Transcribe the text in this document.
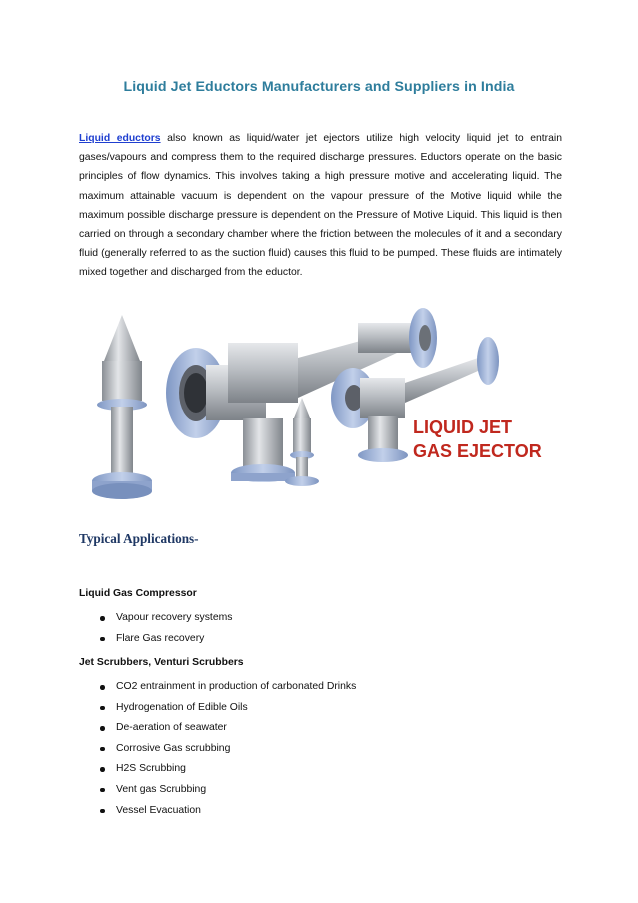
Liquid Jet Eductors Manufacturers and Suppliers in India

Liquid eductors also known as liquid/water jet ejectors utilize high velocity liquid jet to entrain gases/vapours and compress them to the required discharge pressures. Eductors operate on the basic principles of flow dynamics. This involves taking a high pressure motive and accelerating liquid. The maximum attainable vacuum is dependent on the vapour pressure of the Motive liquid while the maximum possible discharge pressure is dependent on the Pressure of Motive Liquid. This liquid is then carried on through a secondary chamber where the friction between the molecules of it and a secondary fluid (generally referred to as the suction fluid) causes this fluid to be pumped. These fluids are intimately mixed together and discharged from the eductor.

LIQUID JET
GAS EJECTOR
Typical Applications-
Liquid Gas Compressor
Vapour recovery systems
Flare Gas recovery
Jet Scrubbers, Venturi Scrubbers
CO2 entrainment in production of carbonated Drinks
Hydrogenation of Edible Oils
De-aeration of seawater
Corrosive Gas scrubbing
H2S Scrubbing
Vent gas Scrubbing
Vessel Evacuation
